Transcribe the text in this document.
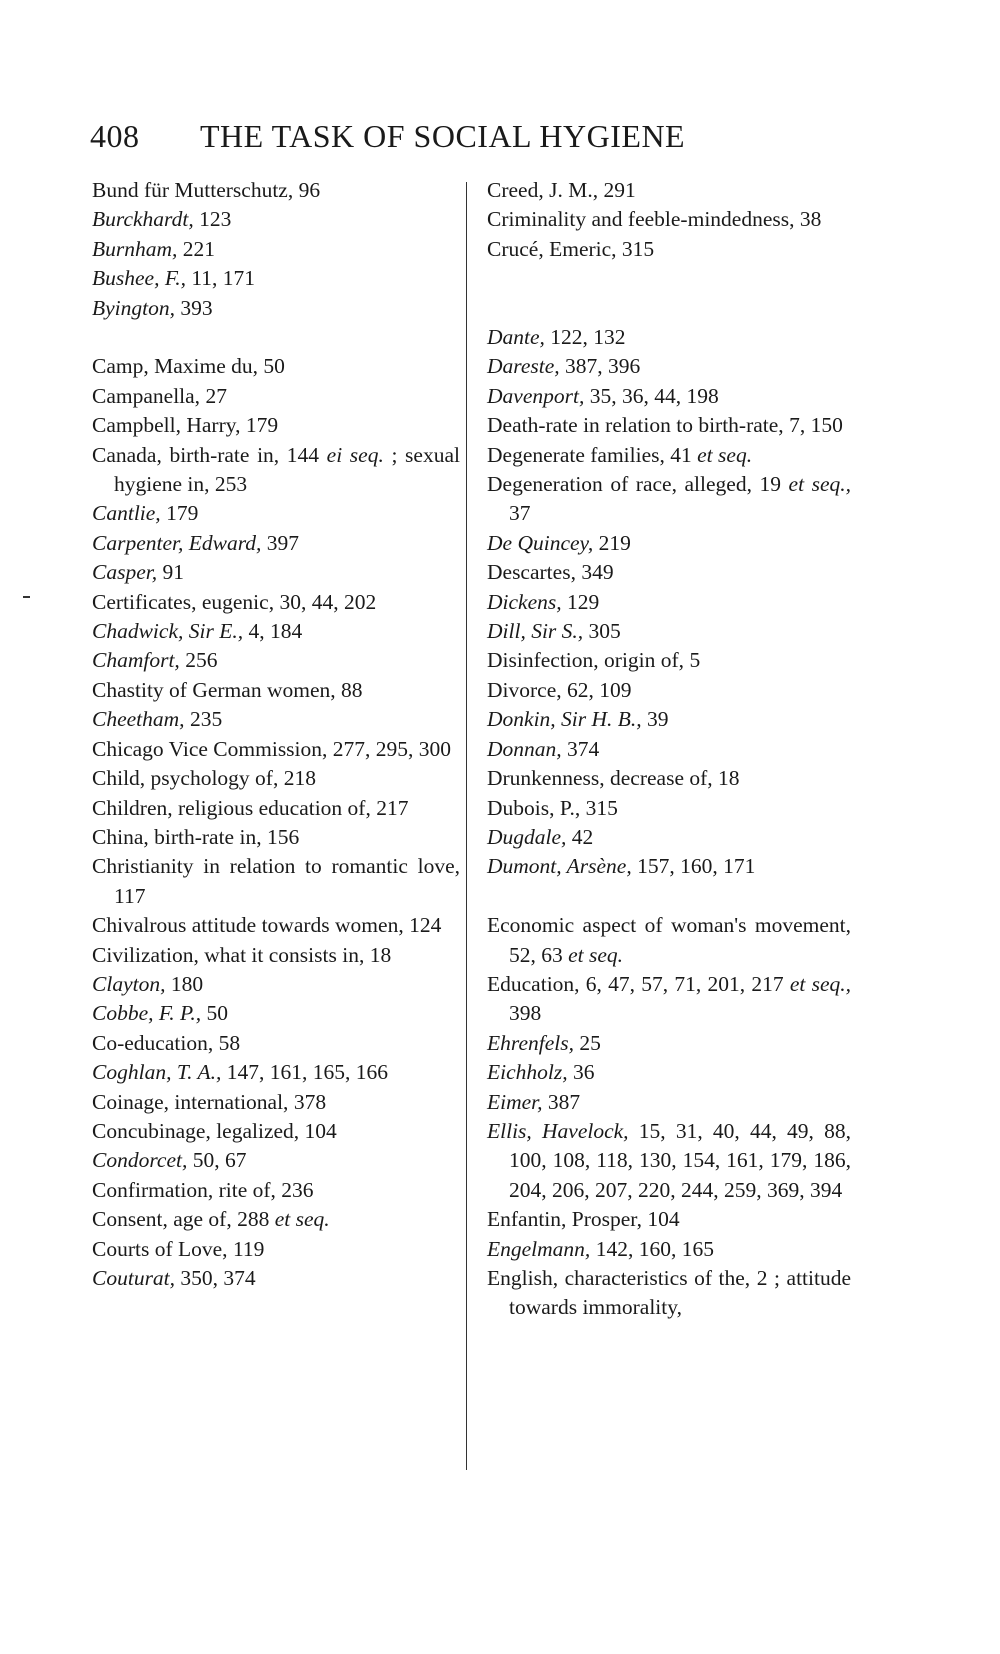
408 THE TASK OF SOCIAL HYGIENE
Bund für Mutterschutz, 96
Burckhardt, 123
Burnham, 221
Bushee, F., 11, 171
Byington, 393
Camp, Maxime du, 50
Campanella, 27
Campbell, Harry, 179
Canada, birth-rate in, 144 ei seq. ; sexual hygiene in, 253
Cantlie, 179
Carpenter, Edward, 397
Casper, 91
Certificates, eugenic, 30, 44, 202
Chadwick, Sir E., 4, 184
Chamfort, 256
Chastity of German women, 88
Cheetham, 235
Chicago Vice Commission, 277, 295, 300
Child, psychology of, 218
Children, religious education of, 217
China, birth-rate in, 156
Christianity in relation to romantic love, 117
Chivalrous attitude towards women, 124
Civilization, what it consists in, 18
Clayton, 180
Cobbe, F. P., 50
Co-education, 58
Coghlan, T. A., 147, 161, 165, 166
Coinage, international, 378
Concubinage, legalized, 104
Condorcet, 50, 67
Confirmation, rite of, 236
Consent, age of, 288 et seq.
Courts of Love, 119
Couturat, 350, 374
Creed, J. M., 291
Criminality and feeble-mindedness, 38
Crucé, Emeric, 315
Dante, 122, 132
Dareste, 387, 396
Davenport, 35, 36, 44, 198
Death-rate in relation to birth-rate, 7, 150
Degenerate families, 41 et seq.
Degeneration of race, alleged, 19 et seq., 37
De Quincey, 219
Descartes, 349
Dickens, 129
Dill, Sir S., 305
Disinfection, origin of, 5
Divorce, 62, 109
Donkin, Sir H. B., 39
Donnan, 374
Drunkenness, decrease of, 18
Dubois, P., 315
Dugdale, 42
Dumont, Arsène, 157, 160, 171
Economic aspect of woman's movement, 52, 63 et seq.
Education, 6, 47, 57, 71, 201, 217 et seq., 398
Ehrenfels, 25
Eichholz, 36
Eimer, 387
Ellis, Havelock, 15, 31, 40, 44, 49, 88, 100, 108, 118, 130, 154, 161, 179, 186, 204, 206, 207, 220, 244, 259, 369, 394
Enfantin, Prosper, 104
Engelmann, 142, 160, 165
English, characteristics of the, 2 ; attitude towards immorality,
